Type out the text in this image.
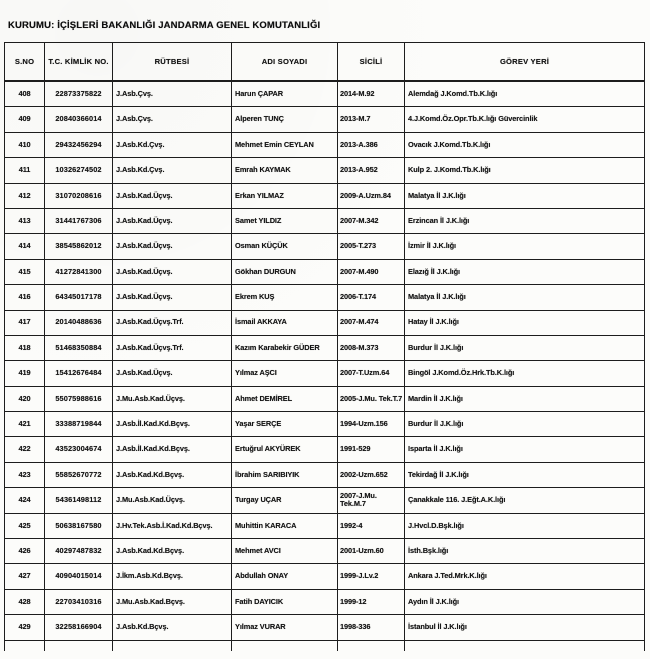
KURUMU: İÇİŞLERİ BAKANLIĞI JANDARMA GENEL KOMUTANLIĞI
S.NO	T.C. KİMLİK NO.	RÜTBESİ	ADI SOYADI	SİCİLİ	GÖREV YERİ
408	22873375822	J.Asb.Çvş.	Harun ÇAPAR	2014-M.92	Alemdağ J.Komd.Tb.K.lığı
409	20840366014	J.Asb.Çvş.	Alperen TUNÇ	2013-M.7	4.J.Komd.Öz.Opr.Tb.K.lığı Güvercinlik
410	29432456294	J.Asb.Kd.Çvş.	Mehmet Emin CEYLAN	2013-A.386	Ovacık J.Komd.Tb.K.lığı
411	10326274502	J.Asb.Kd.Çvş.	Emrah KAYMAK	2013-A.952	Kulp 2. J.Komd.Tb.K.lığı
412	31070208616	J.Asb.Kad.Üçvş.	Erkan YILMAZ	2009-A.Uzm.84	Malatya İl J.K.lığı
413	31441767306	J.Asb.Kad.Üçvş.	Samet YILDIZ	2007-M.342	Erzincan İl J.K.lığı
414	38545862012	J.Asb.Kad.Üçvş.	Osman KÜÇÜK	2005-T.273	İzmir İl J.K.lığı
415	41272841300	J.Asb.Kad.Üçvş.	Gökhan DURGUN	2007-M.490	Elazığ İl J.K.lığı
416	64345017178	J.Asb.Kad.Üçvş.	Ekrem KUŞ	2006-T.174	Malatya İl J.K.lığı
417	20140488636	J.Asb.Kad.Üçvş.Trf.	İsmail AKKAYA	2007-M.474	Hatay İl J.K.lığı
418	51468350884	J.Asb.Kad.Üçvş.Trf.	Kazım Karabekir GÜDER	2008-M.373	Burdur İl J.K.lığı
419	15412676484	J.Asb.Kad.Üçvş.	Yılmaz AŞCI	2007-T.Uzm.64	Bingöl J.Komd.Öz.Hrk.Tb.K.lığı
420	55075988616	J.Mu.Asb.Kad.Üçvş.	Ahmet DEMİREL	2005-J.Mu. Tek.T.7	Mardin İl J.K.lığı
421	33388719844	J.Asb.İl.Kad.Kd.Bçvş.	Yaşar SERÇE	1994-Uzm.156	Burdur İl J.K.lığı
422	43523004674	J.Asb.İl.Kad.Kd.Bçvş.	Ertuğrul AKYÜREK	1991-529	Isparta İl J.K.lığı
423	55852670772	J.Asb.Kad.Kd.Bçvş.	İbrahim SARIBIYIK	2002-Uzm.652	Tekirdağ İl J.K.lığı
424	54361498112	J.Mu.Asb.Kad.Üçvş.	Turgay UÇAR	2007-J.Mu. Tek.M.7	Çanakkale 116. J.Eğt.A.K.lığı
425	50638167580	J.Hv.Tek.Asb.İ.Kad.Kd.Bçvş.	Muhittin KARACA	1992-4	J.Hvcl.D.Bşk.lığı
426	40297487832	J.Asb.Kad.Kd.Bçvş.	Mehmet AVCI	2001-Uzm.60	İsth.Bşk.lığı
427	40904015014	J.İkm.Asb.Kd.Bçvş.	Abdullah ONAY	1999-J.Lv.2	Ankara J.Ted.Mrk.K.lığı
428	22703410316	J.Mu.Asb.Kad.Bçvş.	Fatih DAYICIK	1999-12	Aydın İl J.K.lığı
429	32258166904	J.Asb.Kd.Bçvş.	Yılmaz VURAR	1998-336	İstanbul İl J.K.lığı
